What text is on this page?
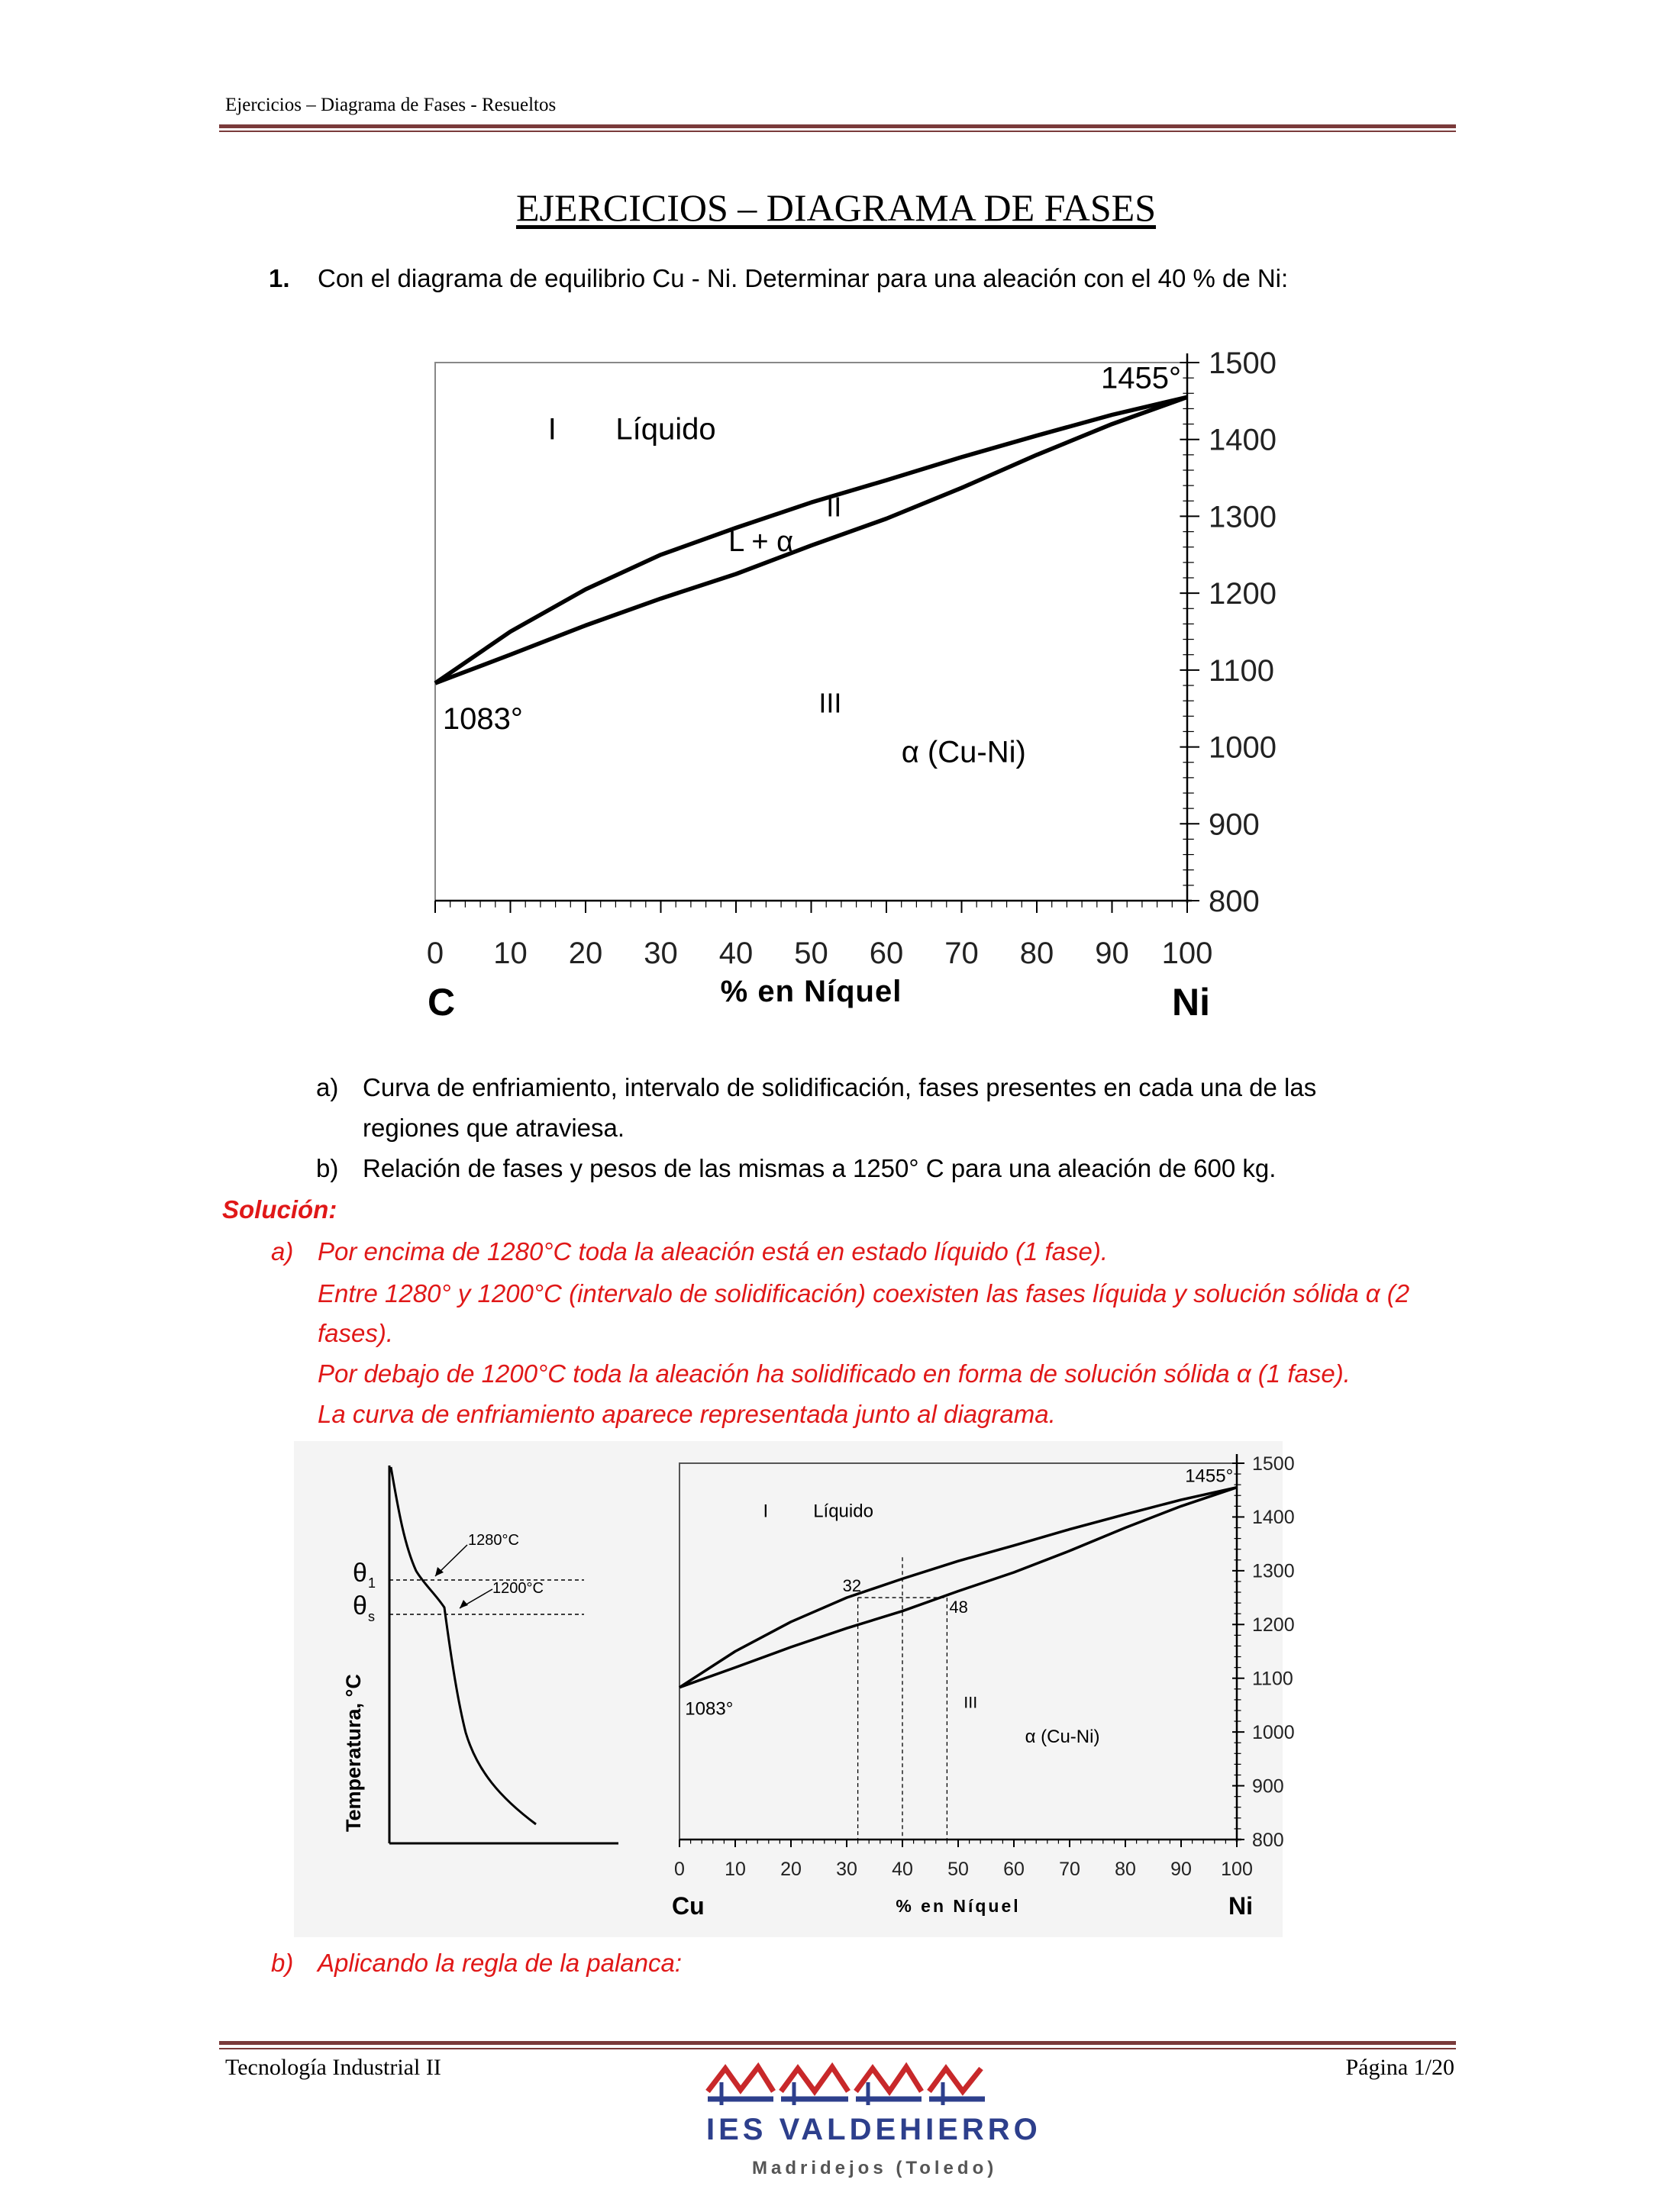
Ejercicios – Diagrama de Fases - Resueltos
EJERCICIOS – DIAGRAMA DE FASES
1. Con el diagrama de equilibrio Cu - Ni. Determinar para una aleación con el 40 % de Ni:
0 10 20 30 40 50 60 70 80 90 100
1500
1400
1300
1200
1100
1000
900
800
C	Ni
% en Níquel
1083°
1455°
I Líquido
III
α (Cu-Ni)
L + α
II
a) Curva de enfriamiento, intervalo de solidificación, fases presentes en cada una de las
regiones que atraviesa.
b) Relación de fases y pesos de las mismas a 1250° C para una aleación de 600 kg.
Solución:
a) Por encima de 1280°C toda la aleación está en estado líquido (1 fase).
Entre 1280° y 1200°C (intervalo de solidificación) coexisten las fases líquida y solución sólida α (2
fases).
Por debajo de 1200°C toda la aleación ha solidificado en forma de solución sólida α (1 fase).
La curva de enfriamiento aparece representada junto al diagrama.
1280°C
1200°C
θ 1
θ s
Temperatura, °C
0 10 20 30 40 50 60 70 80 90 100
1500
1400
1300
1200
1100
1000
900
800
Cu	Ni
% en Níquel
1083°
1455°
I Líquido
III
α (Cu-Ni)
32
48
b) Aplicando la regla de la palanca:
Tecnología Industrial II	Página 1/20
IES VALDEHIERRO
Madridejos (Toledo)
